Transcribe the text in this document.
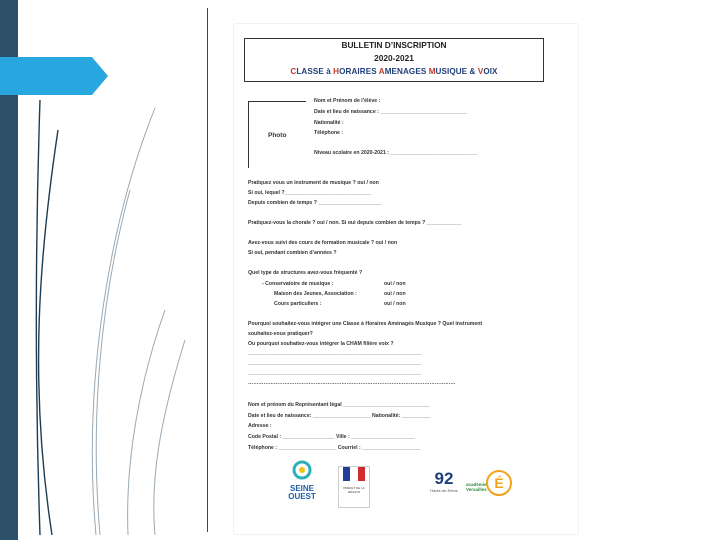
BULLETIN D’INSCRIPTION
2020-2021
CLASSE à HORAIRES AMENAGES MUSIQUE & VOIX
Photo
Nom et Prénom de l’élève :
Date et lieu de naissance : ______________________________
Nationalité :
Téléphone :
Niveau scolaire en 2020-2021 : ______________________________
Pratiquez vous un instrument de musique ? oui / non
Si oui, lequel ?______________________________
Depuis combien de temps ? ______________________
Pratiquez-vous la chorale ? oui / non. Si oui depuis combien de temps ? ____________
Avez-vous suivi des cours de formation musicale ? oui / non
Si oui, pendant combien d’années ?
Quel type de structures avez-vous fréquenté ?
- Conservatoire de musique :
Maison des Jeunes, Association :
Cours particuliers :
oui / non
oui / non
oui / non
Pourquoi souhaitez-vous intégrer une Classe à Horaires Aménagés Musique ? Quel instrument
souhaitez-vous pratiquer?
Ou pourquoi souhaitez-vous intégrer la CHAM filière voix ?
____________________________________________________________
____________________________________________________________
____________________________________________________________
…………………………………………………………………………………………………………
Nom et prénom du Représentant légal ______________________________
Date et lieu de naissance: ____________________ Nationalité: __________
Adresse :
Code Postal : __________________ Ville : ______________________
Téléphone : ____________________ Courriel : ____________________
SEINE
OUEST
PRÉFET DE LA RÉGION
92
Hauts-de-Seine
académie Versailles É
